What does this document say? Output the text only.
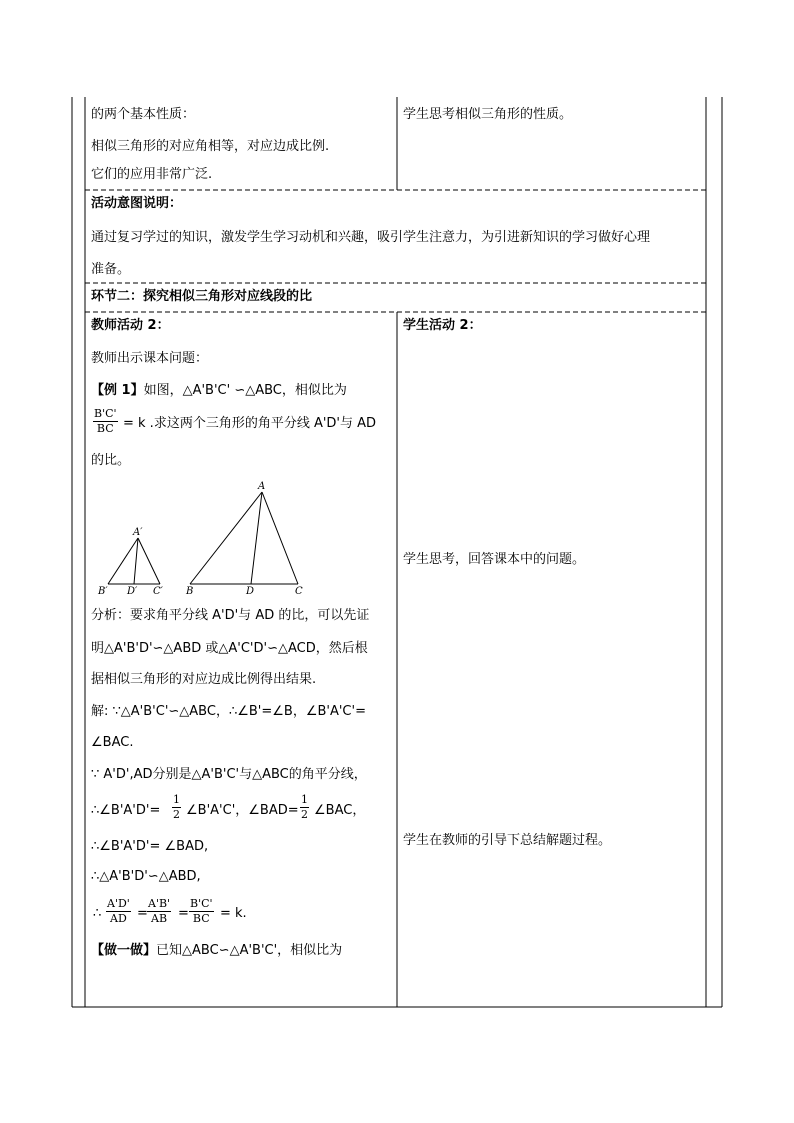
的两个基本性质：
相似三角形的对应角相等，对应边成比例.
它们的应用非常广泛.
学生思考相似三角形的性质。
活动意图说明：
通过复习学过的知识，激发学生学习动机和兴趣，吸引学生注意力，为引进新知识的学习做好心理
准备。
环节二：探究相似三角形对应线段的比
教师活动 2：
教师出示课本问题：
【例 1】如图，△A'B'C' ∽△ABC，相似比为
$\frac{B'C'}{BC} = k$ .求这两个三角形的角平分线 A'D'与 AD
的比。
A′
B′ D′ C′
A
B	D	C
分析：要求角平分线 A'D'与 AD 的比，可以先证
明△A'B'D'∽△ABD 或△A'C'D'∽△ACD，然后根
据相似三角形的对应边成比例得出结果.
解: ∵△A'B'C'∽△ABC，∴∠B'=∠B，∠B'A'C'=
∠BAC.
∵ A'D',AD分别是△A'B'C'与△ABC的角平分线，
∴∠B'A'D'= $\frac{1}{2}$ ∠B'A'C'，∠BAD= $\frac{1}{2}$ ∠BAC，
∴∠B'A'D'= ∠BAD,
∴△A'B'D'∽△ABD,
∴ $\frac{A'D'}{AD} = \frac{A'B'}{AB} = \frac{B'C'}{BC} = k$.
【做一做】已知△ABC∽△A'B'C'，相似比为
学生活动 2：
学生思考，回答课本中的问题。
学生在教师的引导下总结解题过程。
